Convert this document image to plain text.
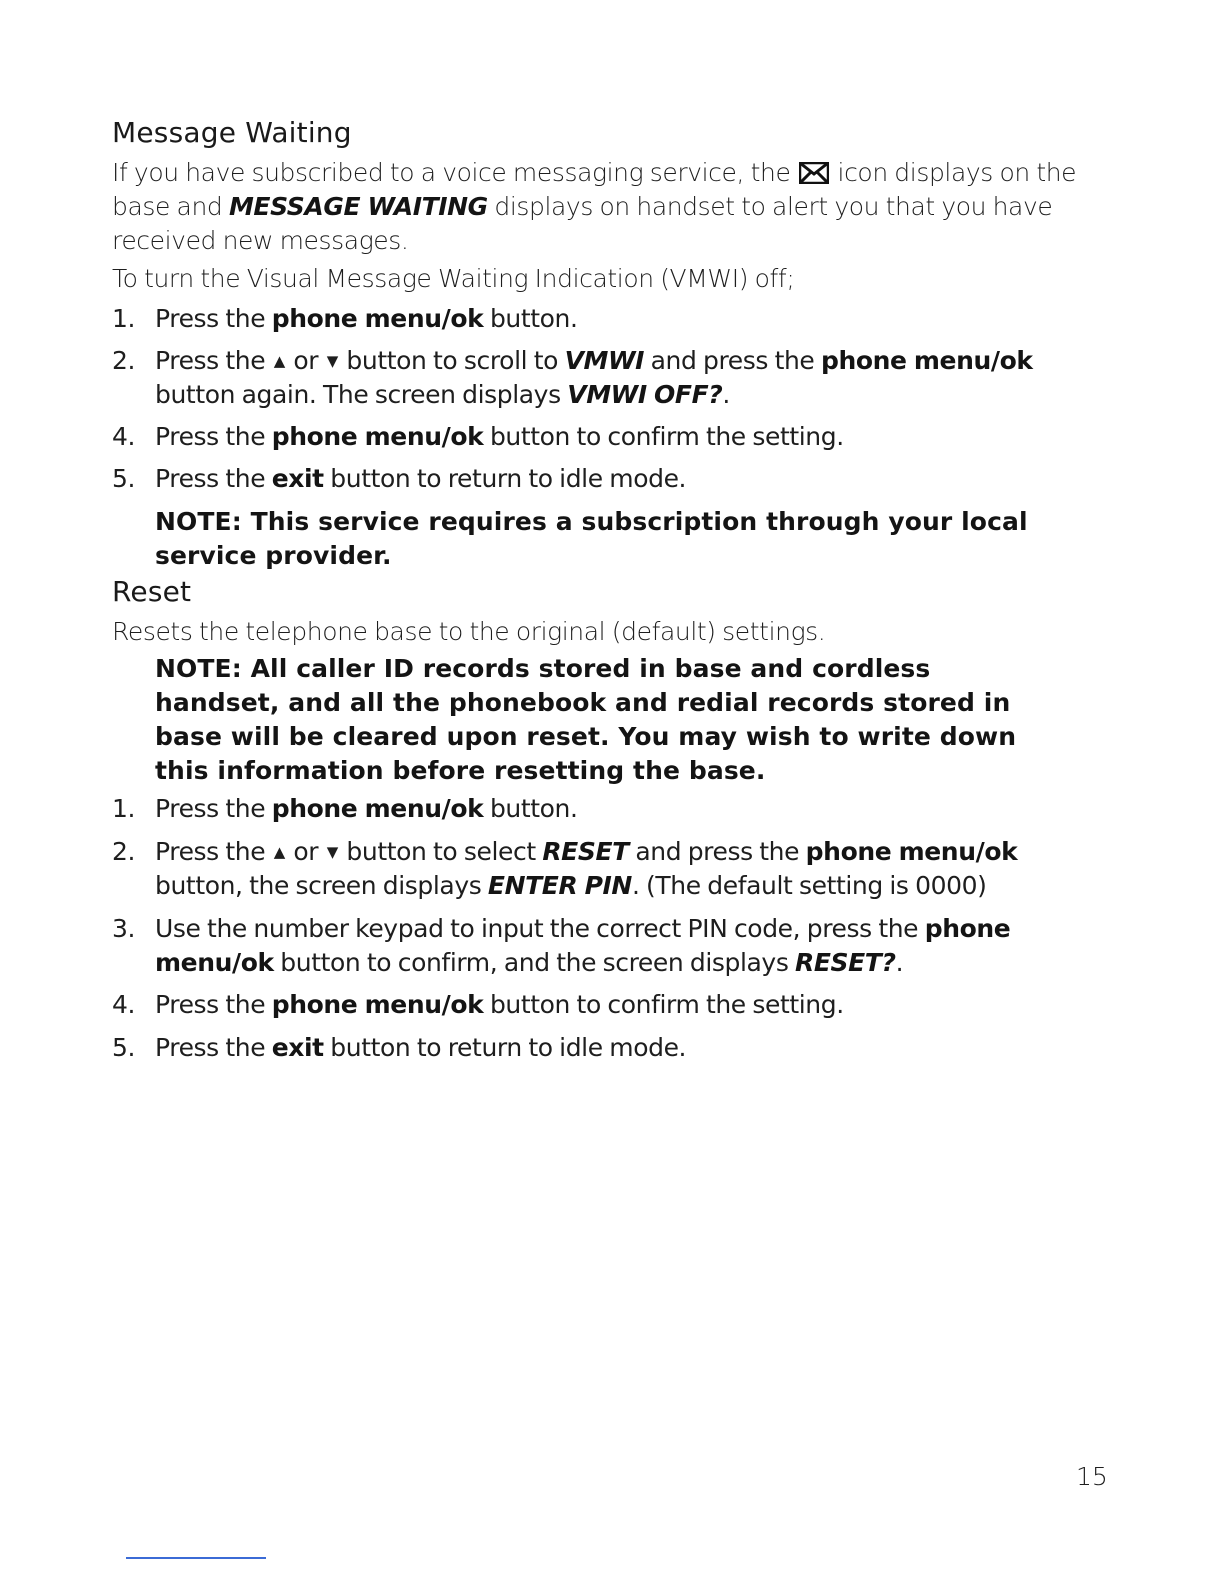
Message Waiting

If you have subscribed to a voice messaging service, the icon displays on the base and MESSAGE WAITING displays on handset to alert you that you have received new messages.

To turn the Visual Message Waiting Indication (VMWI) off;

1. Press the phone menu/ok button.
2. Press the ▲ or ▼ button to scroll to VMWI and press the phone menu/ok button again. The screen displays VMWI OFF?.
4. Press the phone menu/ok button to confirm the setting.
5. Press the exit button to return to idle mode.

NOTE: This service requires a subscription through your local service provider.

Reset

Resets the telephone base to the original (default) settings.

NOTE: All caller ID records stored in base and cordless handset, and all the phonebook and redial records stored in base will be cleared upon reset. You may wish to write down this information before resetting the base.

1. Press the phone menu/ok button.
2. Press the ▲ or ▼ button to select RESET and press the phone menu/ok button, the screen displays ENTER PIN. (The default setting is 0000)
3. Use the number keypad to input the correct PIN code, press the phone menu/ok button to confirm, and the screen displays RESET?.
4. Press the phone menu/ok button to confirm the setting.
5. Press the exit button to return to idle mode.
15
